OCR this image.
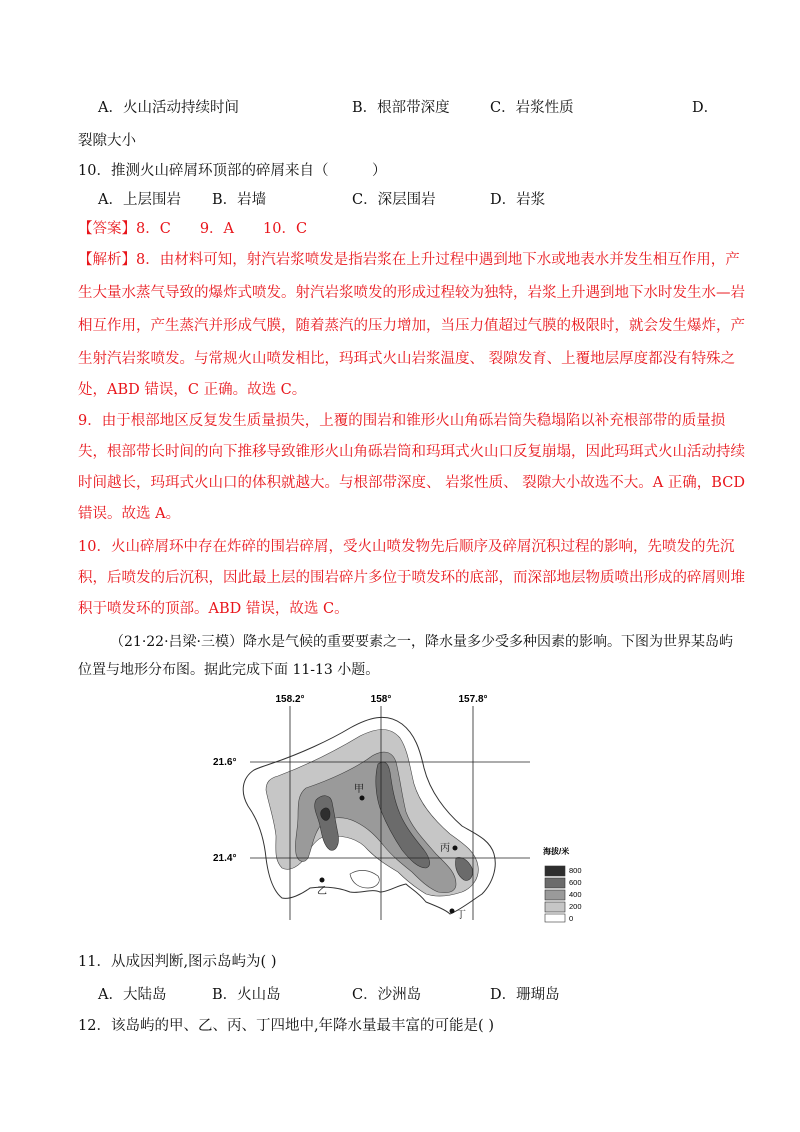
A．火山活动持续时间	B．根部带深度	C．岩浆性质	D．
裂隙大小
10．推测火山碎屑环顶部的碎屑来自（　　　）
A．上层围岩 B．岩墙	C．深层围岩	D．岩浆
【答案】8．C　　9．A　　10．C
【解析】8．由材料可知，射汽岩浆喷发是指岩浆在上升过程中遇到地下水或地表水并发生相互作用，产
生大量水蒸气导致的爆炸式喷发。射汽岩浆喷发的形成过程较为独特，岩浆上升遇到地下水时发生水—岩
相互作用，产生蒸汽并形成气膜，随着蒸汽的压力增加，当压力值超过气膜的极限时，就会发生爆炸，产
生射汽岩浆喷发。与常规火山喷发相比，玛珥式火山岩浆温度、 裂隙发育、上覆地层厚度都没有特殊之
处，ABD 错误，C 正确。故选 C。
9．由于根部地区反复发生质量损失，上覆的围岩和锥形火山角砾岩筒失稳塌陷以补充根部带的质量损
失，根部带长时间的向下推移导致锥形火山角砾岩筒和玛珥式火山口反复崩塌，因此玛珥式火山活动持续
时间越长，玛珥式火山口的体积就越大。与根部带深度、 岩浆性质、 裂隙大小故选不大。A 正确，BCD
错误。故选 A。
10．火山碎屑环中存在炸碎的围岩碎屑，受火山喷发物先后顺序及碎屑沉积过程的影响，先喷发的先沉
积，后喷发的后沉积，因此最上层的围岩碎片多位于喷发环的底部，而深部地层物质喷出形成的碎屑则堆
积于喷发环的顶部。ABD 错误，故选 C。
（21·22·吕梁·三模）降水是气候的重要要素之一，降水量多少受多种因素的影响。下图为世界某岛屿
位置与地形分布图。据此完成下面 11-13 小题。
158.2°	158°	157.8°
21.6°
21.4°
甲
乙
丙
丁
海拔/米
800
600
400
200
0
11．从成因判断,图示岛屿为( )
A．大陆岛	B．火山岛	C．沙洲岛	D．珊瑚岛
12．该岛屿的甲、乙、丙、丁四地中,年降水量最丰富的可能是( )
